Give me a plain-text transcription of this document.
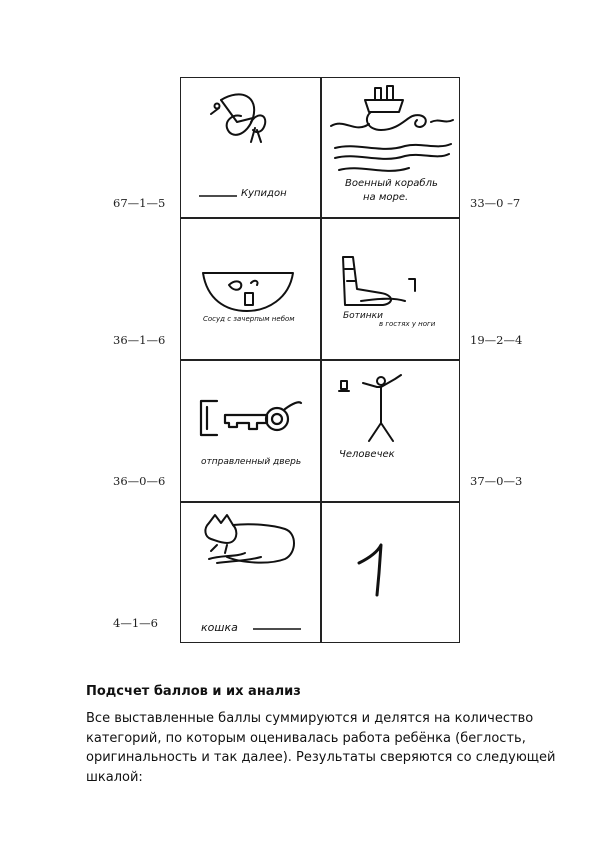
67—1—5
36—1—6
36—0—6
4—1—6
33—0 –7
19—2—4
37—0—3
Купидон
Военный корабль
на море.
Сосуд с зачерпым небом	Ботинки
в гостях у ноги
отправленный дверь
Человечек
кошка
Подсчет баллов и их анализ
Все выставленные баллы суммируются и делятся на количество категорий, по которым оценивалась работа ребёнка (беглость, оригинальность и так далее). Результаты сверяются со следующей шкалой:
